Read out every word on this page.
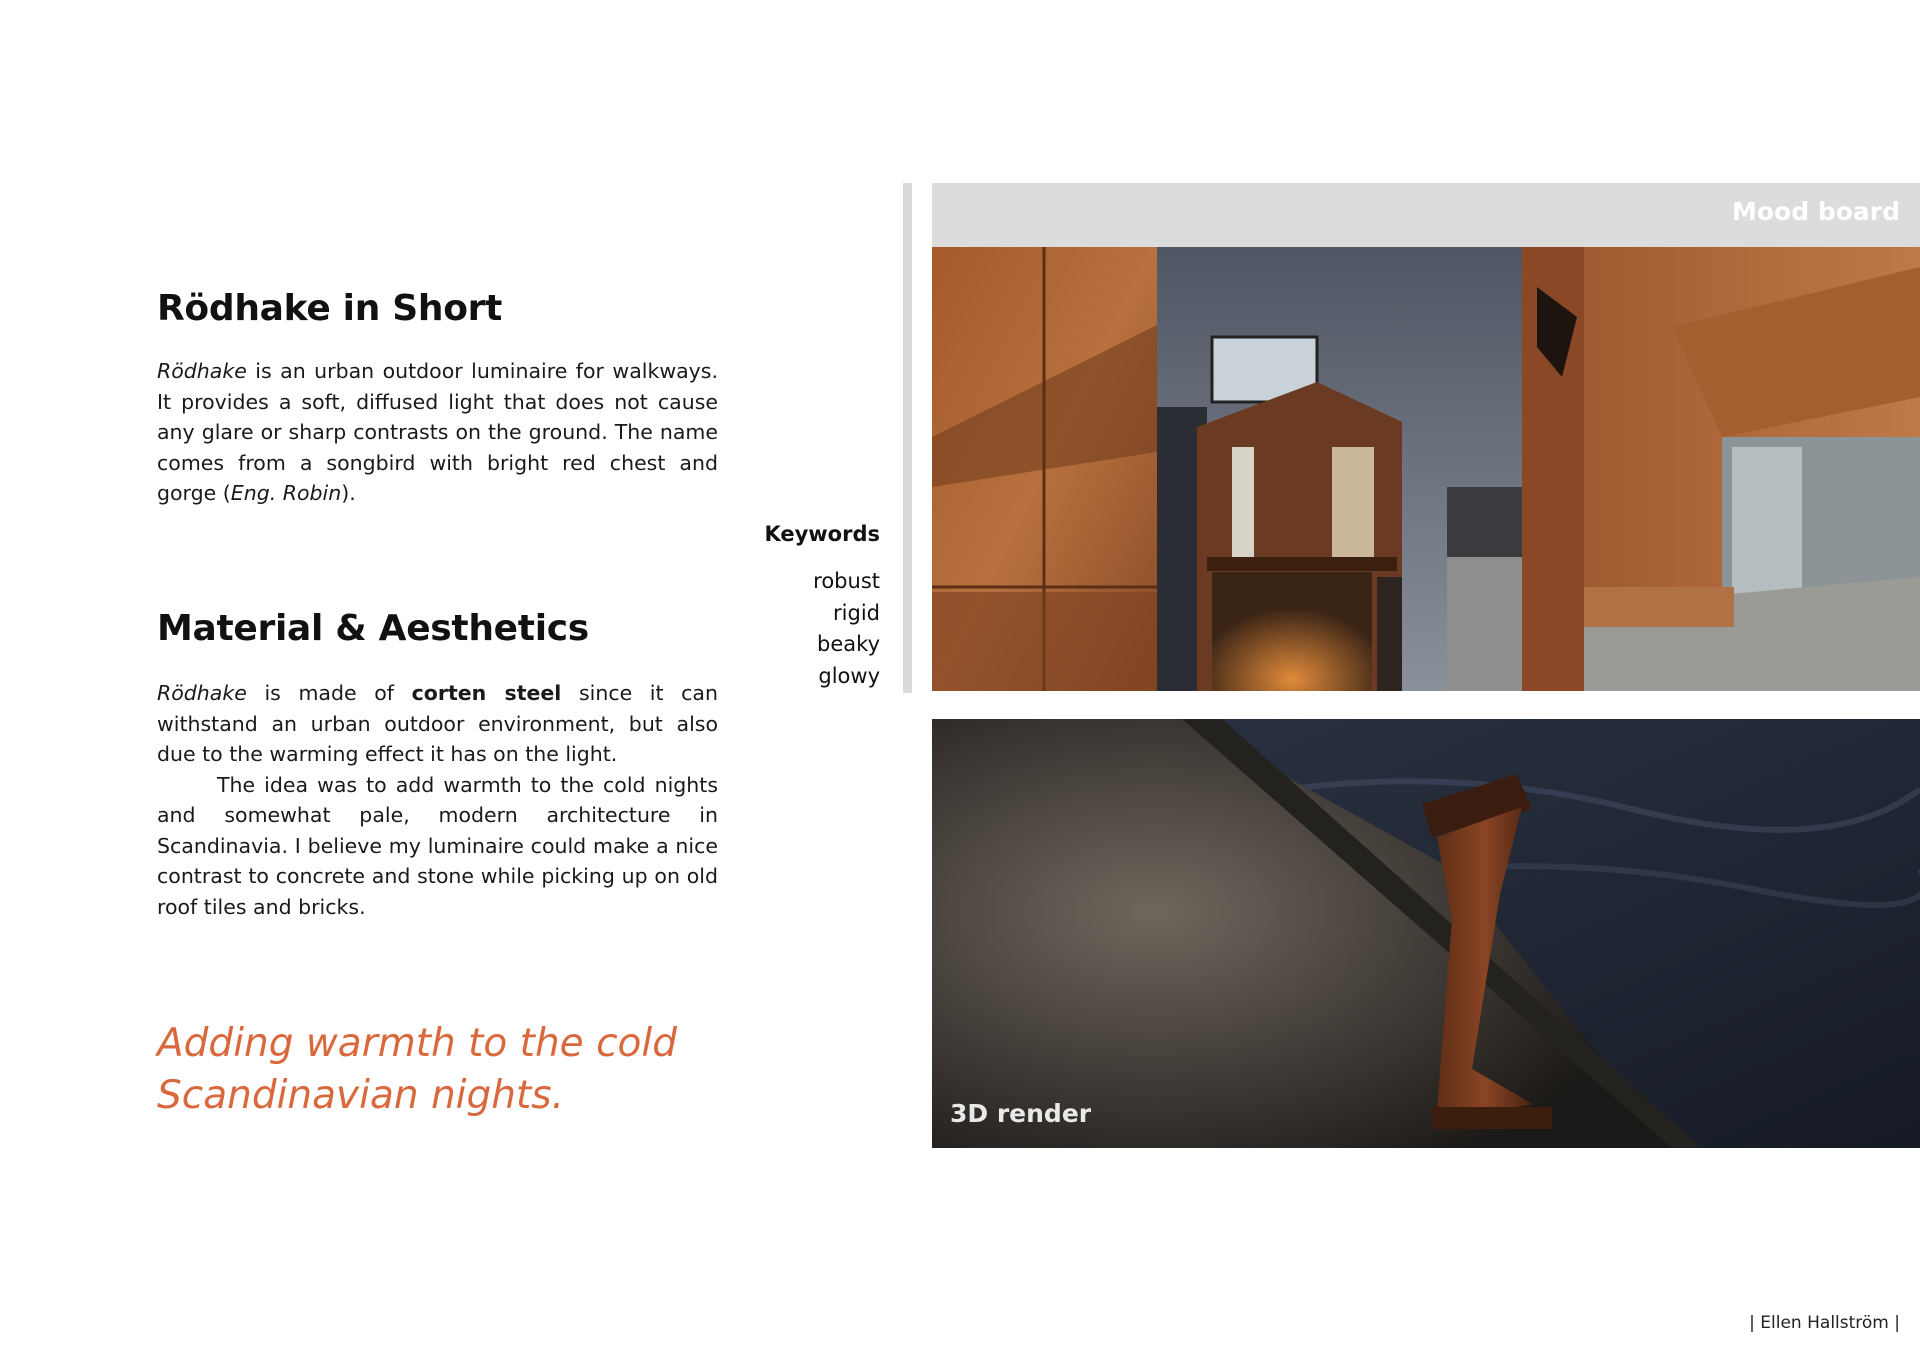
Rödhake in Short

Rödhake is an urban outdoor luminaire for walkways. It provides a soft, diffused light that does not cause any glare or sharp contrasts on the ground. The name comes from a songbird with bright red chest and gorge (Eng. Robin).

Material & Aesthetics

Rödhake is made of corten steel since it can withstand an urban outdoor environment, but also due to the warming effect it has on the light.
The idea was to add warmth to the cold nights and somewhat pale, modern architecture in Scandinavia. I believe my luminaire could make a nice contrast to concrete and stone while picking up on old roof tiles and bricks.

Adding warmth to the cold
Scandinavian nights.

Keywords
robust
rigid
beaky
glowy
Mood board
3D render
| Ellen Hallström |
